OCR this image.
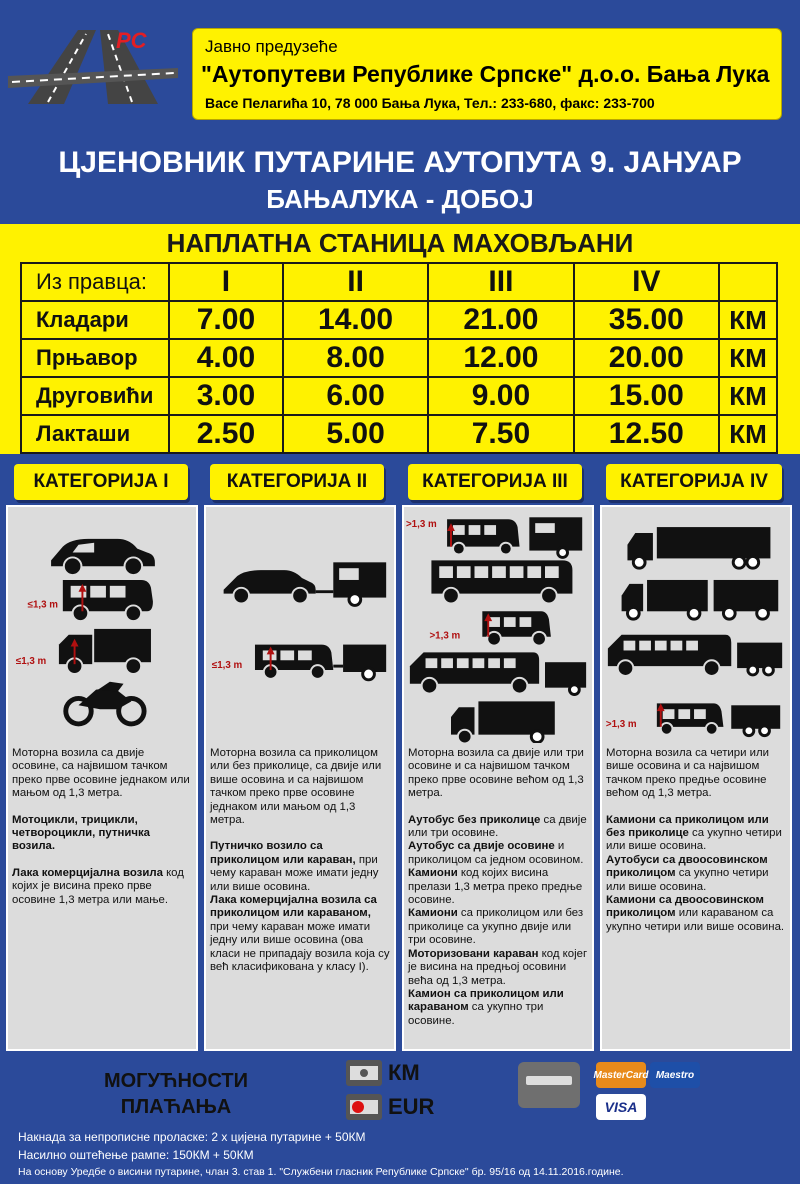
PC	Јавно предузеће
"Аутопутеви Републике Српске" д.о.о. Бања Лука
Васе Пелагића 10, 78 000 Бања Лука, Тел.: 233-680, факс: 233-700
ЦЈЕНОВНИК ПУТАРИНЕ АУТОПУТА 9. ЈАНУАР
БАЊАЛУКА - ДОБОЈ
НАПЛАТНА СТАНИЦА МАХОВЉАНИ
Из правца:	I	II	III	IV	
Кладари	7.00	14.00	21.00	35.00	КМ
Прњавор	4.00	8.00	12.00	20.00	КМ
Друговићи	3.00	6.00	9.00	15.00	КМ
Лакташи	2.50	5.00	7.50	12.50	КМ
КАТЕГОРИЈА I	КАТЕГОРИЈА II	КАТЕГОРИЈА III	КАТЕГОРИЈА IV
≤1,3 m
≤1,3 m

Моторна возила са двије осовине, са највишом тачком преко прве осовине једнаком или мањом од 1,3 метра.

Мотоцикли, трицикли, четвороцикли, путничка возила.

Лака комерцијална возила код којих је висина преко прве осовине 1,3 метра или мање.

≤1,3 m

Моторна возила са приколицом или без приколице, са двије или више осовина и са највишом тачком преко прве осовине једнаком или мањом од 1,3 метра.

Путничко возило са приколицом или караван, при чему караван може имати једну или више осовина.

Лака комерцијална возила са приколицом или караваном, при чему караван може имати једну или више осовина (ова класи не припадају возила која су већ класификована у класу I).

>1,3 m
>1,3 m

Моторна возила са двије или три осовине и са највишом тачком преко прве осовине већом од 1,3 метра.

Аутобус без приколице са двије или три осовине.
Аутобус са двије осовине и приколицом са једном осовином.
Камиони код којих висина прелази 1,3 метра преко предње осовине.
Камиони са приколицом или без приколице са укупно двије или три осовине.
Моторизовани караван код којег је висина на предњој осовини већа од 1,3 метра.
Камион са приколицом или караваном са укупно три осовине.
>1,3 m

Моторна возила са четири или више осовина и са највишом тачком преко предње осовине већом од 1,3 метра.

Камиони са приколицом или без приколице са укупно четири или више осовина.
Аутобуси са двоосовинском приколицом са укупно четири или више осовина.
Камиони са двоосовинском приколицом или караваном са укупно четири или више осовина.
МОГУЋНОСТИ
ПЛАЋАЊА
КМ
EUR
MasterCard Maestro
VISA
Накнада за непрописне проласке: 2 х цијена путарине + 50КМ
Насилно оштећење рампе: 150КМ + 50КМ
На основу Уредбе о висини путарине, члан 3. став 1. "Службени гласник Републике Српске" бр. 95/16 од 14.11.2016.године.
